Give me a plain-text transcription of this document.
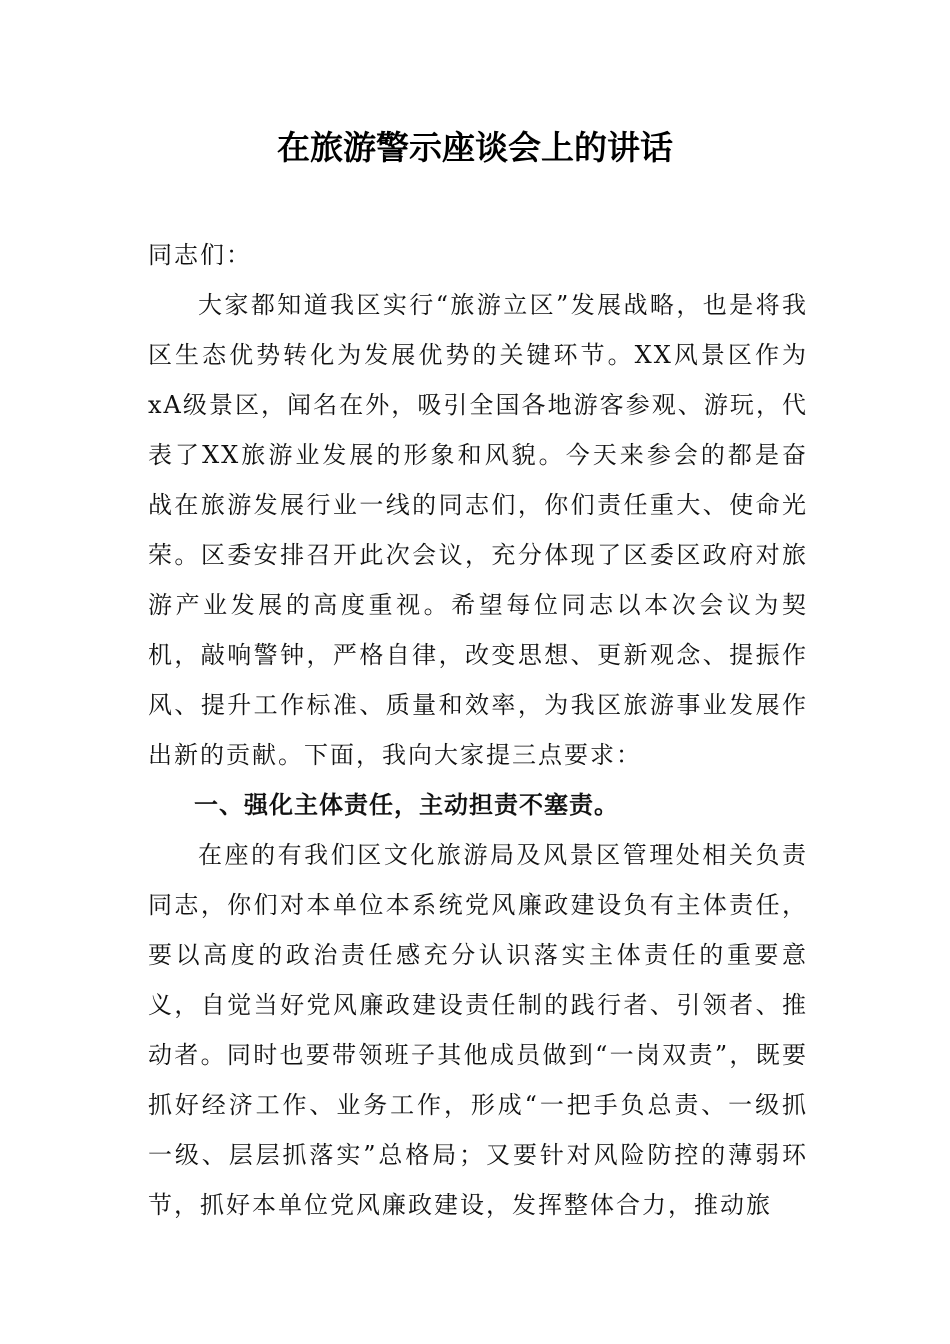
在旅游警示座谈会上的讲话

同志们：

大家都知道我区实行“旅游立区”发展战略，也是将我区生态优势转化为发展优势的关键环节。XX风景区作为xA级景区，闻名在外，吸引全国各地游客参观、游玩，代表了XX旅游业发展的形象和风貌。今天来参会的都是奋战在旅游发展行业一线的同志们，你们责任重大、使命光荣。区委安排召开此次会议，充分体现了区委区政府对旅游产业发展的高度重视。希望每位同志以本次会议为契机，敲响警钟，严格自律，改变思想、更新观念、提振作风、提升工作标准、质量和效率，为我区旅游事业发展作出新的贡献。下面，我向大家提三点要求：

一、强化主体责任，主动担责不塞责。

在座的有我们区文化旅游局及风景区管理处相关负责同志，你们对本单位本系统党风廉政建设负有主体责任，要以高度的政治责任感充分认识落实主体责任的重要意义，自觉当好党风廉政建设责任制的践行者、引领者、推动者。同时也要带领班子其他成员做到“一岗双责”，既要抓好经济工作、业务工作，形成“一把手负总责、一级抓一级、层层抓落实”总格局；又要针对风险防控的薄弱环节，抓好本单位党风廉政建设，发挥整体合力，推动旅
